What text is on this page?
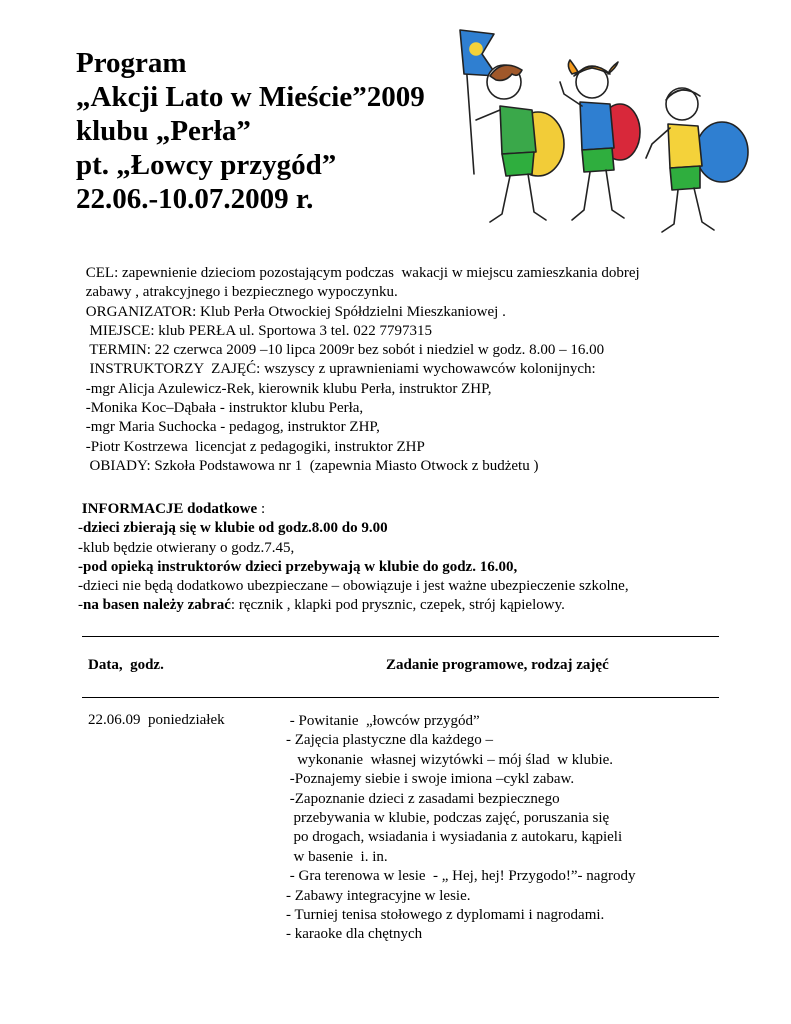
Program
„Akcji Lato w Mieście”2009
klubu „Perła”
pt. „Łowcy przygód”
22.06.-10.07.2009 r.
CEL: zapewnienie dzieciom pozostającym podczas  wakacji w miejscu zamieszkania dobrej
zabawy , atrakcyjnego i bezpiecznego wypoczynku.
ORGANIZATOR: Klub Perła Otwockiej Spółdzielni Mieszkaniowej .
MIEJSCE: klub PERŁA ul. Sportowa 3 tel. 022 7797315
TERMIN: 22 czerwca 2009 –10 lipca 2009r bez sobót i niedziel w godz. 8.00 – 16.00
INSTRUKTORZY  ZAJĘĆ: wszyscy z uprawnieniami wychowawców kolonijnych:
-mgr Alicja Azulewicz-Rek, kierownik klubu Perła, instruktor ZHP,
-Monika Koc–Dąbała - instruktor klubu Perła,
-mgr Maria Suchocka - pedagog, instruktor ZHP,
-Piotr Kostrzewa  licencjat z pedagogiki, instruktor ZHP
OBIADY: Szkoła Podstawowa nr 1  (zapewnia Miasto Otwock z budżetu )
INFORMACJE dodatkowe :
-dzieci zbierają się w klubie od godz.8.00 do 9.00
-klub będzie otwierany o godz.7.45,
-pod opieką instruktorów dzieci przebywają w klubie do godz. 16.00,
-dzieci nie będą dodatkowo ubezpieczane – obowiązuje i jest ważne ubezpieczenie szkolne,
-na basen należy zabrać: ręcznik , klapki pod prysznic, czepek, strój kąpielowy.
Data,  godz.	Zadanie programowe, rodzaj zajęć
22.06.09  poniedziałek	- Powitanie  „łowców przygód”
- Zajęcia plastyczne dla każdego –
wykonanie  własnej wizytówki – mój ślad  w klubie.
-Poznajemy siebie i swoje imiona –cykl zabaw.
-Zapoznanie dzieci z zasadami bezpiecznego
przebywania w klubie, podczas zajęć, poruszania się
po drogach, wsiadania i wysiadania z autokaru, kąpieli
w basenie  i. in.
- Gra terenowa w lesie  - „ Hej, hej! Przygodo!”- nagrody
- Zabawy integracyjne w lesie.
- Turniej tenisa stołowego z dyplomami i nagrodami.
- karaoke dla chętnych
